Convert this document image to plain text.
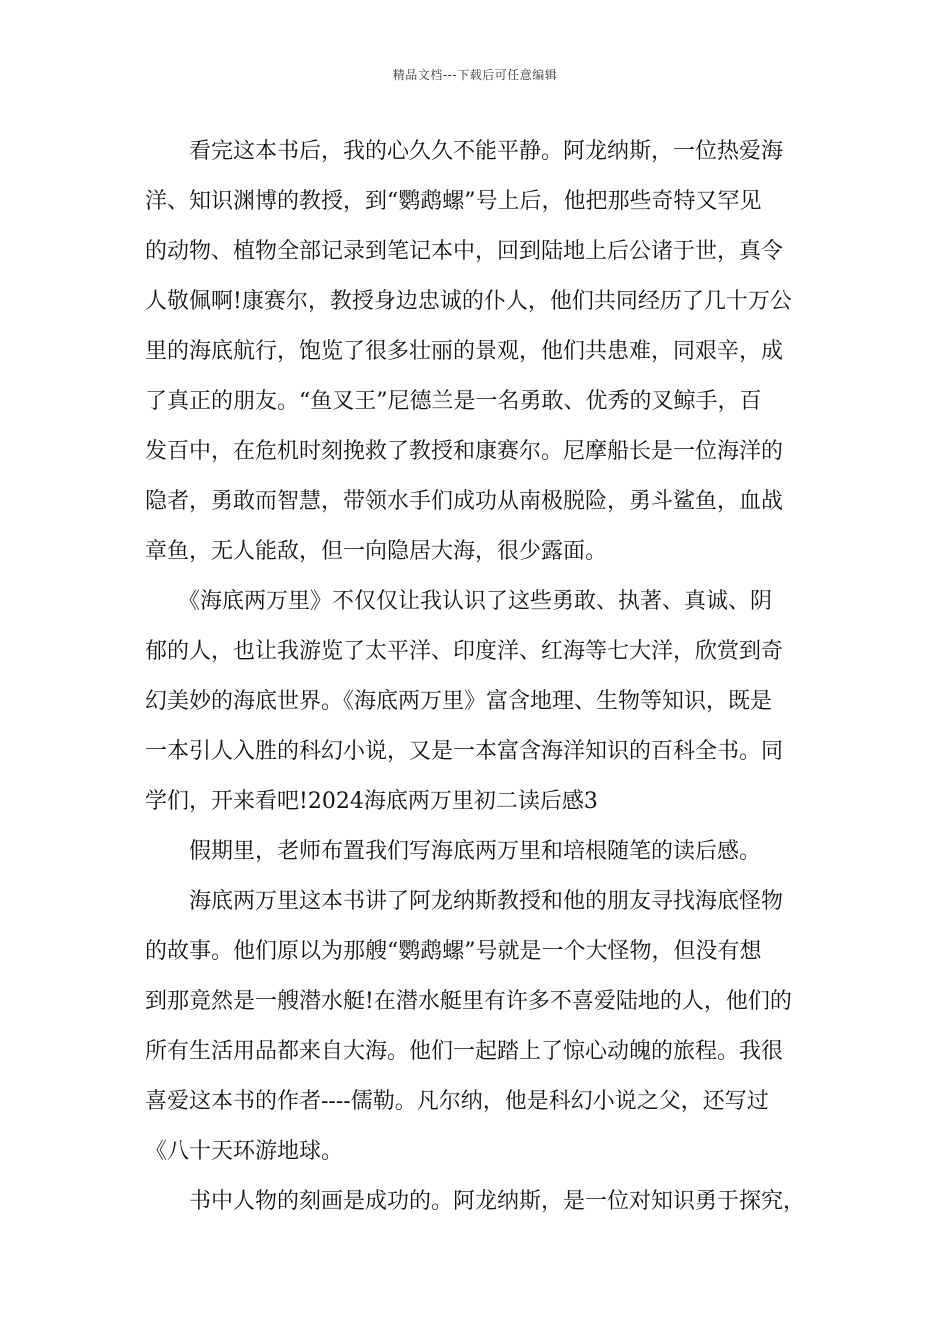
精品文档---下载后可任意编辑
　　看完这本书后，我的心久久不能平静。阿龙纳斯，一位热爱海
洋、知识渊博的教授，到“鹦鹉螺”号上后，他把那些奇特又罕见
的动物、植物全部记录到笔记本中，回到陆地上后公诸于世，真令
人敬佩啊!康赛尔，教授身边忠诚的仆人，他们共同经历了几十万公
里的海底航行，饱览了很多壮丽的景观，他们共患难，同艰辛，成
了真正的朋友。“鱼叉王”尼德兰是一名勇敢、优秀的叉鲸手，百
发百中，在危机时刻挽救了教授和康赛尔。尼摩船长是一位海洋的
隐者，勇敢而智慧，带领水手们成功从南极脱险，勇斗鲨鱼，血战
章鱼，无人能敌，但一向隐居大海，很少露面。
　　《海底两万里》不仅仅让我认识了这些勇敢、执著、真诚、阴
郁的人，也让我游览了太平洋、印度洋、红海等七大洋，欣赏到奇
幻美妙的海底世界。《海底两万里》富含地理、生物等知识，既是
一本引人入胜的科幻小说，又是一本富含海洋知识的百科全书。同
学们，开来看吧!2024海底两万里初二读后感3
　　假期里，老师布置我们写海底两万里和培根随笔的读后感。
　　海底两万里这本书讲了阿龙纳斯教授和他的朋友寻找海底怪物
的故事。他们原以为那艘“鹦鹉螺”号就是一个大怪物，但没有想
到那竟然是一艘潜水艇!在潜水艇里有许多不喜爱陆地的人，他们的
所有生活用品都来自大海。他们一起踏上了惊心动魄的旅程。我很
喜爱这本书的作者----儒勒。凡尔纳，他是科幻小说之父，还写过
《八十天环游地球。
　　书中人物的刻画是成功的。阿龙纳斯，是一位对知识勇于探究，
